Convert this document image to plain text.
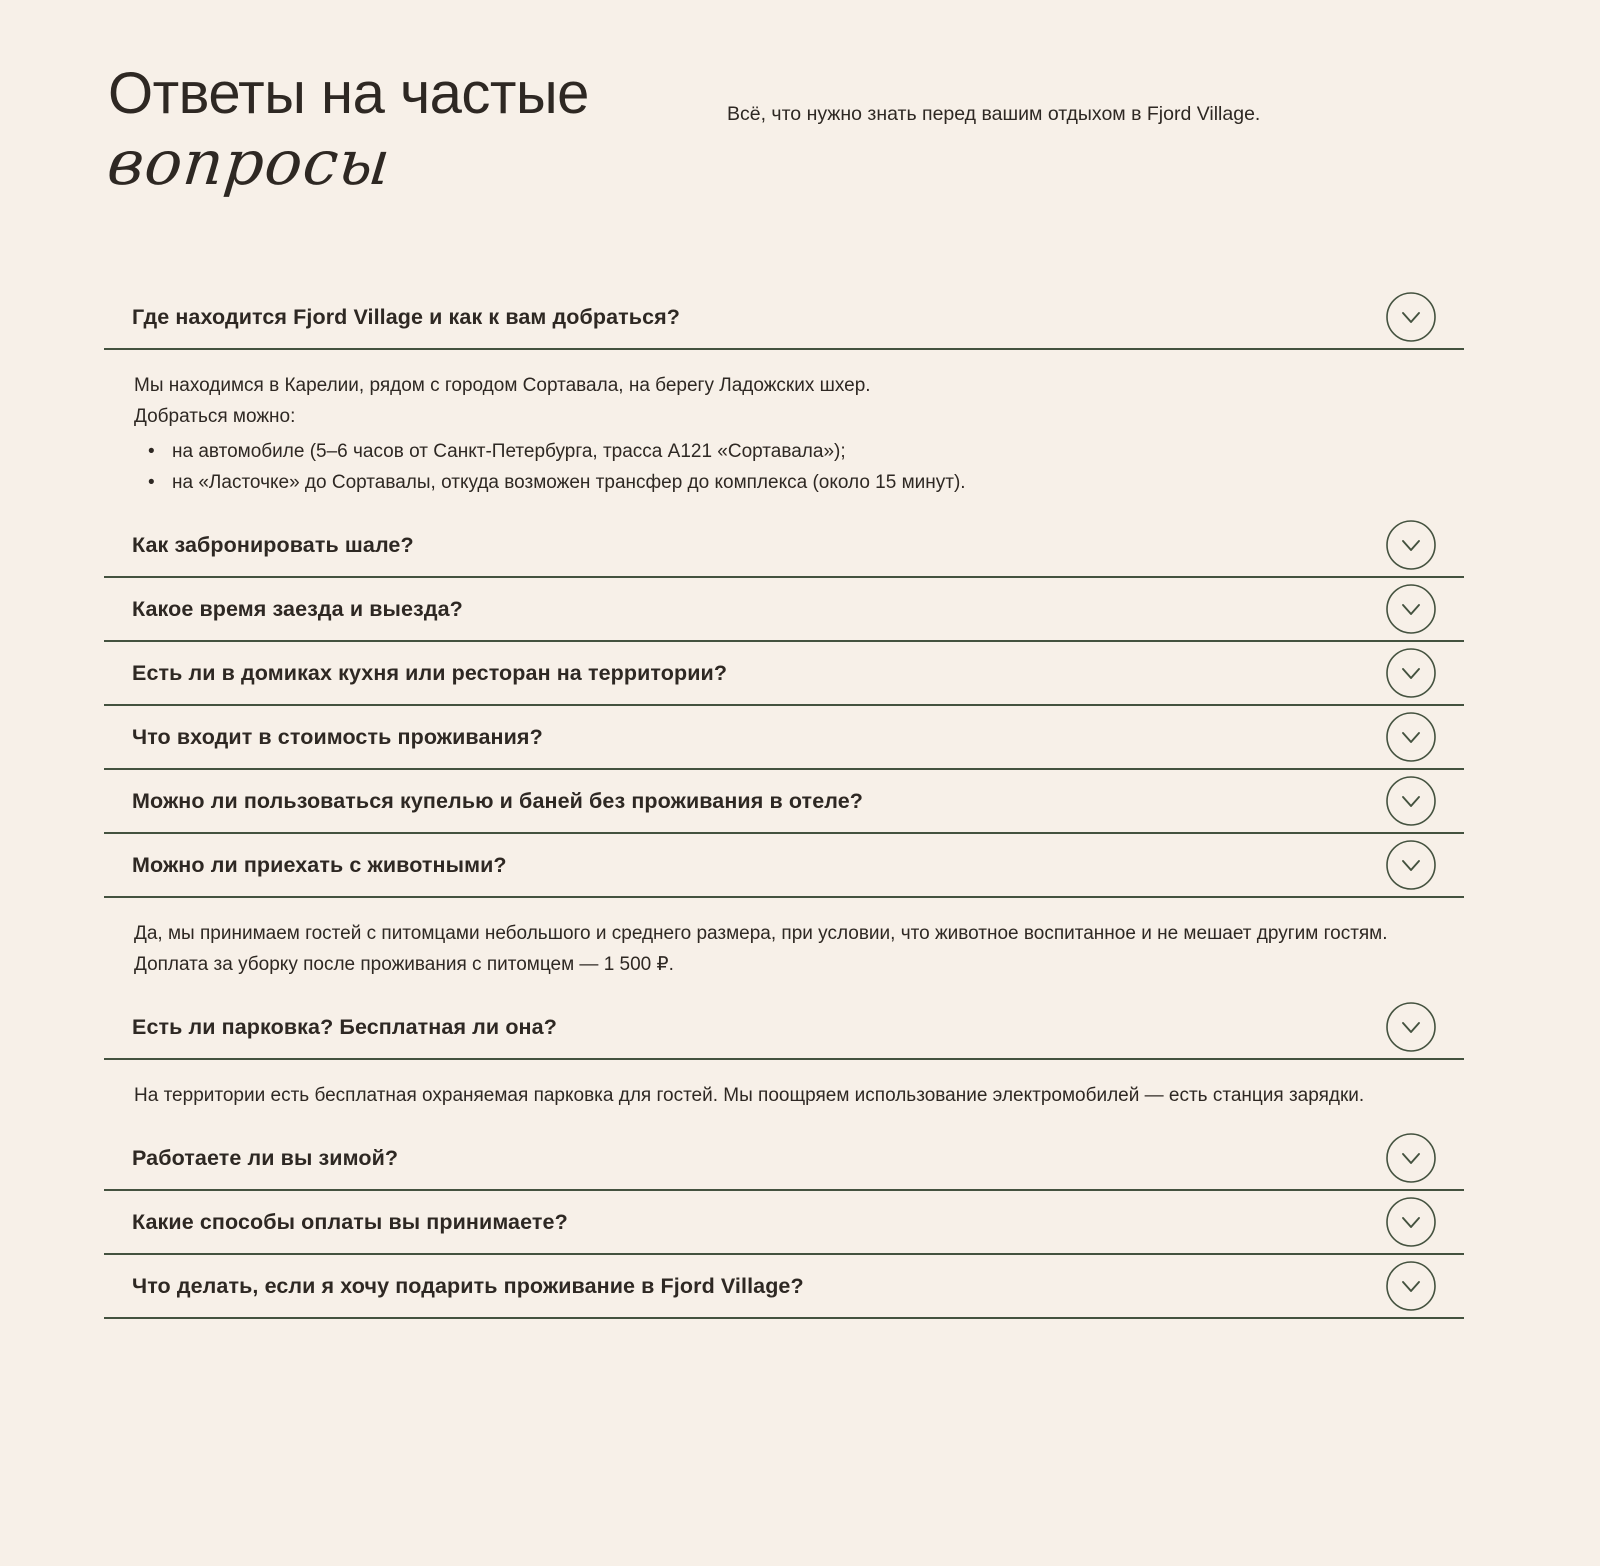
Ответы на частые
вопросы
Всё, что нужно знать перед вашим отдыхом в Fjord Village.
Где находится Fjord Village и как к вам добраться?

Мы находимся в Карелии, рядом с городом Сортавала, на берегу Ладожских шхер.

Добраться можно:

• на автомобиле (5–6 часов от Санкт-Петербурга, трасса А121 «Сортавала»);
• на «Ласточке» до Сортавалы, откуда возможен трансфер до комплекса (около 15 минут).
Как забронировать шале?
Какое время заезда и выезда?
Есть ли в домиках кухня или ресторан на территории?
Что входит в стоимость проживания?
Можно ли пользоваться купелью и баней без проживания в отеле?
Можно ли приехать с животными?

Да, мы принимаем гостей с питомцами небольшого и среднего размера, при условии, что животное воспитанное и не мешает другим гостям.

Доплата за уборку после проживания с питомцем — 1 500 ₽.

Есть ли парковка? Бесплатная ли она?

На территории есть бесплатная охраняемая парковка для гостей. Мы поощряем использование электромобилей — есть станция зарядки.

Работаете ли вы зимой?
Какие способы оплаты вы принимаете?
Что делать, если я хочу подарить проживание в Fjord Village?
